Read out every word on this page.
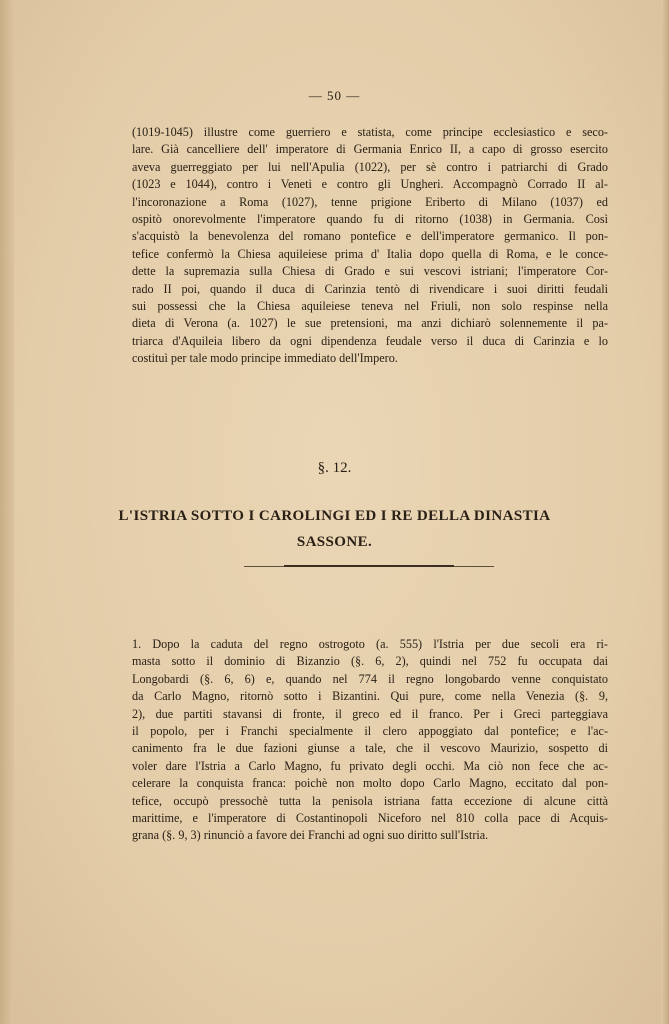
— 50 —
(1019-1045) illustre come guerriero e statista, come principe ecclesiastico e seco-
lare. Già cancelliere dell' imperatore di Germania Enrico II, a capo di grosso esercito
aveva guerreggiato per lui nell'Apulia (1022), per sè contro i patriarchi di Grado
(1023 e 1044), contro i Veneti e contro gli Ungheri. Accompagnò Corrado II al-
l'incoronazione a Roma (1027), tenne prigione Eriberto di Milano (1037) ed
ospitò onorevolmente l'imperatore quando fu di ritorno (1038) in Germania. Così
s'acquistò la benevolenza del romano pontefice e dell'imperatore germanico. Il pon-
tefice confermò la Chiesa aquileiese prima d' Italia dopo quella di Roma, e le conce-
dette la supremazia sulla Chiesa di Grado e sui vescovi istriani; l'imperatore Cor-
rado II poi, quando il duca di Carinzia tentò di rivendicare i suoi diritti feudali
sui possessi che la Chiesa aquileiese teneva nel Friuli, non solo respinse nella
dieta di Verona (a. 1027) le sue pretensioni, ma anzi dichiarò solennemente il pa-
triarca d'Aquileia libero da ogni dipendenza feudale verso il duca di Carinzia e lo
costituì per tale modo principe immediato dell'Impero.
§. 12.
L'ISTRIA SOTTO I CAROLINGI ED I RE DELLA DINASTIA
SASSONE.
1. Dopo la caduta del regno ostrogoto (a. 555) l'Istria per due secoli era ri-
masta sotto il dominio di Bizanzio (§. 6, 2), quindi nel 752 fu occupata dai
Longobardi (§. 6, 6) e, quando nel 774 il regno longobardo venne conquistato
da Carlo Magno, ritornò sotto i Bizantini. Qui pure, come nella Venezia (§. 9,
2), due partiti stavansi di fronte, il greco ed il franco. Per i Greci parteggiava
il popolo, per i Franchi specialmente il clero appoggiato dal pontefice; e l'ac-
canimento fra le due fazioni giunse a tale, che il vescovo Maurizio, sospetto di
voler dare l'Istria a Carlo Magno, fu privato degli occhi. Ma ciò non fece che ac-
celerare la conquista franca: poichè non molto dopo Carlo Magno, eccitato dal pon-
tefice, occupò pressochè tutta la penisola istriana fatta eccezione di alcune città
marittime, e l'imperatore di Costantinopoli Niceforo nel 810 colla pace di Acquis-
grana (§. 9, 3) rinunciò a favore dei Franchi ad ogni suo diritto sull'Istria.
